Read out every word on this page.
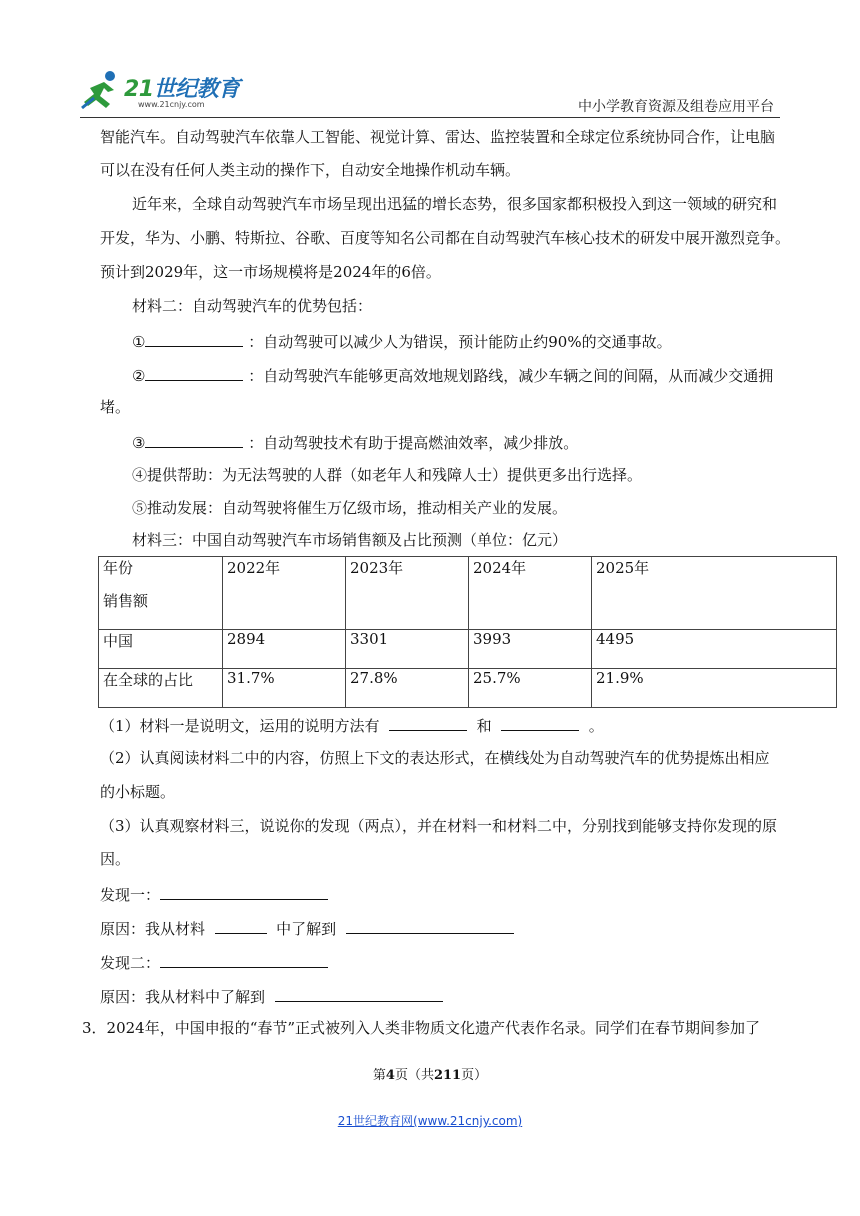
21世纪教育
www.21cnjy.com	中小学教育资源及组卷应用平台
智能汽车。自动驾驶汽车依靠人工智能、视觉计算、雷达、监控装置和全球定位系统协同合作，让电脑
可以在没有任何人类主动的操作下，自动安全地操作机动车辆。
近年来，全球自动驾驶汽车市场呈现出迅猛的增长态势，很多国家都积极投入到这一领域的研究和
开发，华为、小鹏、特斯拉、谷歌、百度等知名公司都在自动驾驶汽车核心技术的研发中展开激烈竞争。
预计到2029年，这一市场规模将是2024年的6倍。
材料二：自动驾驶汽车的优势包括：
①	：自动驾驶可以减少人为错误，预计能防止约90%的交通事故。
②	：自动驾驶汽车能够更高效地规划路线，减少车辆之间的间隔，从而减少交通拥
堵。
③	：自动驾驶技术有助于提高燃油效率，减少排放。
④提供帮助：为无法驾驶的人群（如老年人和残障人士）提供更多出行选择。
⑤推动发展：自动驾驶将催生万亿级市场，推动相关产业的发展。
材料三：中国自动驾驶汽车市场销售额及占比预测（单位：亿元）
年份
销售额	2022年	2023年	2024年	2025年
中国	2894	3301	3993	4495
在全球的占比	31.7%	27.8%	25.7%	21.9%
（1）材料一是说明文，运用的说明方法有	和	。
（2）认真阅读材料二中的内容，仿照上下文的表达形式，在横线处为自动驾驶汽车的优势提炼出相应
的小标题。
（3）认真观察材料三，说说你的发现（两点），并在材料一和材料二中，分别找到能够支持你发现的原
因。
发现一：
原因：我从材料	中了解到
发现二：
原因：我从材料中了解到
3．2024年，中国申报的“春节”正式被列入人类非物质文化遗产代表作名录。同学们在春节期间参加了
第4页（共211页）
21世纪教育网(www.21cnjy.com)
